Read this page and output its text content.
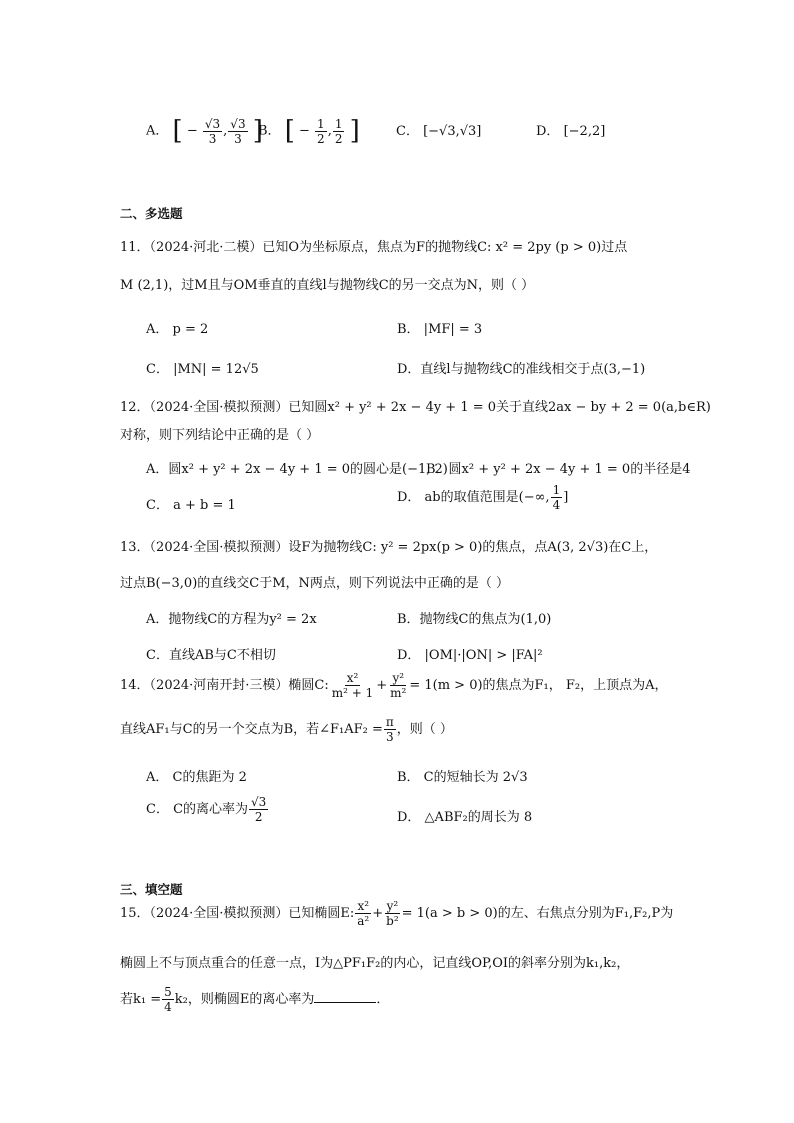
A． [ − $\frac{√3}{3}$ , $\frac{√3}{3}$ ]
B． [ − $\frac{1}{2}$ , $\frac{1}{2}$ ]	C． [−√3,√3]	D． [−2,2]
二、多选题
11．（2024·河北·二模）已知O为坐标原点，焦点为F的抛物线C: x² = 2py (p > 0)过点
M (2,1)，过M且与OM垂直的直线l与抛物线C的另一交点为N，则（ ）
A． p = 2	B． |MF| = 3
C． |MN| = 12√5	D．直线l与抛物线C的准线相交于点(3,−1)
12．（2024·全国·模拟预测）已知圆x² + y² + 2x − 4y + 1 = 0关于直线2ax − by + 2 = 0(a,b∈R)
对称，则下列结论中正确的是（ ）
A．圆x² + y² + 2x − 4y + 1 = 0的圆心是(−1, 2)
B．圆x² + y² + 2x − 4y + 1 = 0的半径是4
C． a + b = 1
D． ab的取值范围是(−∞, $\frac{1}{4}$ ]
13．（2024·全国·模拟预测）设F为抛物线C: y² = 2px(p > 0)的焦点，点A(3, 2√3)在C上，
过点B(−3,0)的直线交C于M，N两点，则下列说法中正确的是（ ）
A．抛物线C的方程为y² = 2x	B．抛物线C的焦点为(1,0)
C．直线AB与C不相切	D． |OM|·|ON| > |FA|²
14．（2024·河南开封·三模）椭圆C: $\frac{\text{x²}}{\text{m² + 1}} + \frac{\text{y²}}{\text{m²}} = 1(m > 0)$的焦点为F₁， F₂，上顶点为A，
直线AF₁与C的另一个交点为B，若∠F₁AF₂ = $\frac{\pi}{3}$ ，则（ ）
A． C的焦距为 2	B． C的短轴长为 2√3
C． C的离心率为 $\frac{√3}{2}$	D． △ABF₂的周长为 8
三、填空题
15．（2024·全国·模拟预测）已知椭圆E: $\frac{\text{x²}}{\text{a²}} + \frac{\text{y²}}{\text{b²}} = 1(a > b > 0)$的左、右焦点分别为F₁,F₂,P为
椭圆上不与顶点重合的任意一点，I为△PF₁F₂的内心，记直线OP,OI的斜率分别为k₁,k₂，
若$k_1 = \frac{5}{4} k_2$，则椭圆E的离心率为	．
